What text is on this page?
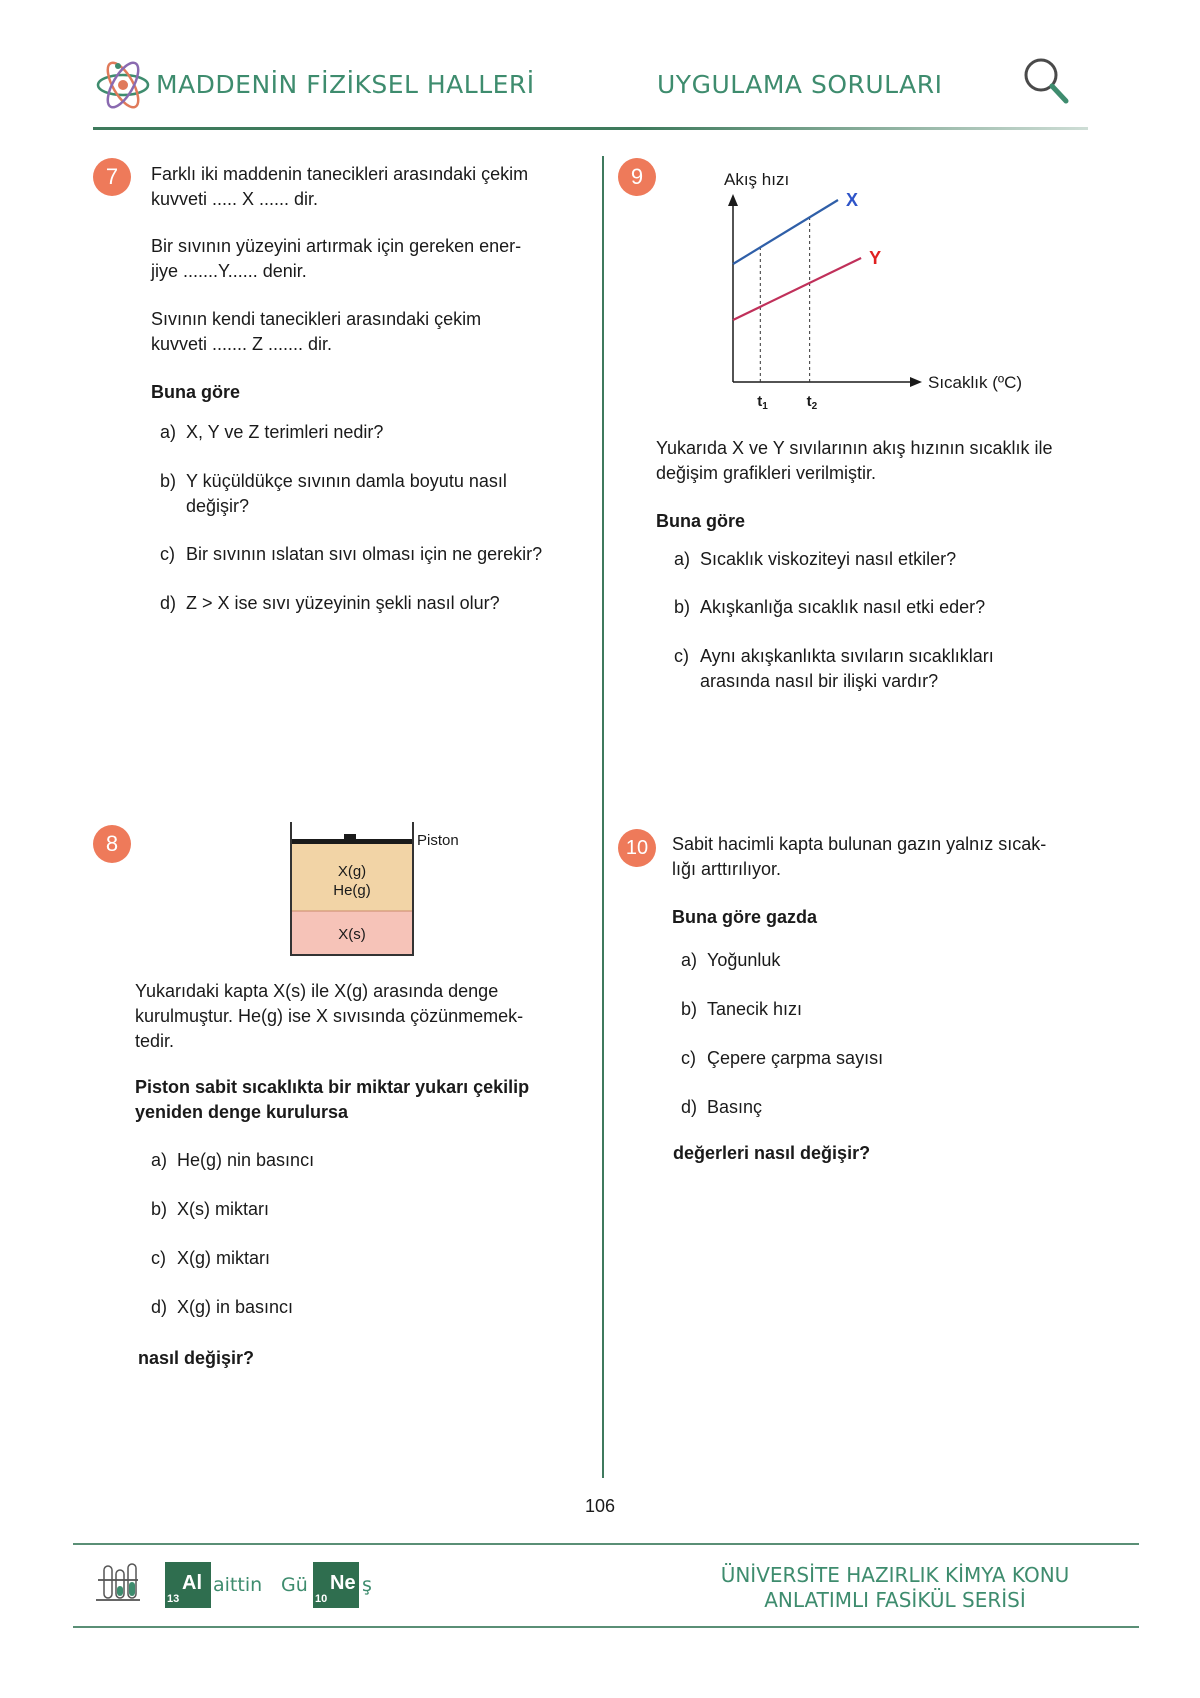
MADDENİN FİZİKSEL HALLERİ	UYGULAMA SORULARI
7	Farklı iki maddenin tanecikleri arasındaki çekim
kuvveti ..... X ...... dir.
Bir sıvının yüzeyini artırmak için gereken ener-
jiye .......Y...... denir.
Sıvının kendi tanecikleri arasındaki çekim
kuvveti ....... Z ....... dir.
Buna göre
a) X, Y ve Z terimleri nedir?
b) Y küçüldükçe sıvının damla boyutu nasıl
değişir?
c) Bir sıvının ıslatan sıvı olması için ne gerekir?
d) Z > X ise sıvı yüzeyinin şekli nasıl olur?
9	Akış hızı
Sıcaklık (ºC)
$t_1$	$t_2$
X
Y
Yukarıda X ve Y sıvılarının akış hızının sıcaklık ile
değişim grafikleri verilmiştir.
Buna göre
a) Sıcaklık viskoziteyi nasıl etkiler?
b) Akışkanlığa sıcaklık nasıl etki eder?
c) Aynı akışkanlıkta sıvıların sıcaklıkları
arasında nasıl bir ilişki vardır?
8	Piston
X(g)
He(g)
X(s)
Yukarıdaki kapta X(s) ile X(g) arasında denge
kurulmuştur. He(g) ise X sıvısında çözünmemek-
tedir.
Piston sabit sıcaklıkta bir miktar yukarı çekilip
yeniden denge kurulursa
a) He(g) nin basıncı
b) X(s) miktarı
c) X(g) miktarı
d) X(g) in basıncı
nasıl değişir?
10	Sabit hacimli kapta bulunan gazın yalnız sıcak-
lığı arttırılıyor.
Buna göre gazda
a) Yoğunluk
b) Tanecik hızı
c) Çepere çarpma sayısı
d) Basınç
değerleri nasıl değişir?
106
13
Al aittin Gü
10
Ne ş	ÜNİVERSİTE HAZIRLIK KİMYA KONU
ANLATIMLI FASİKÜL SERİSİ
